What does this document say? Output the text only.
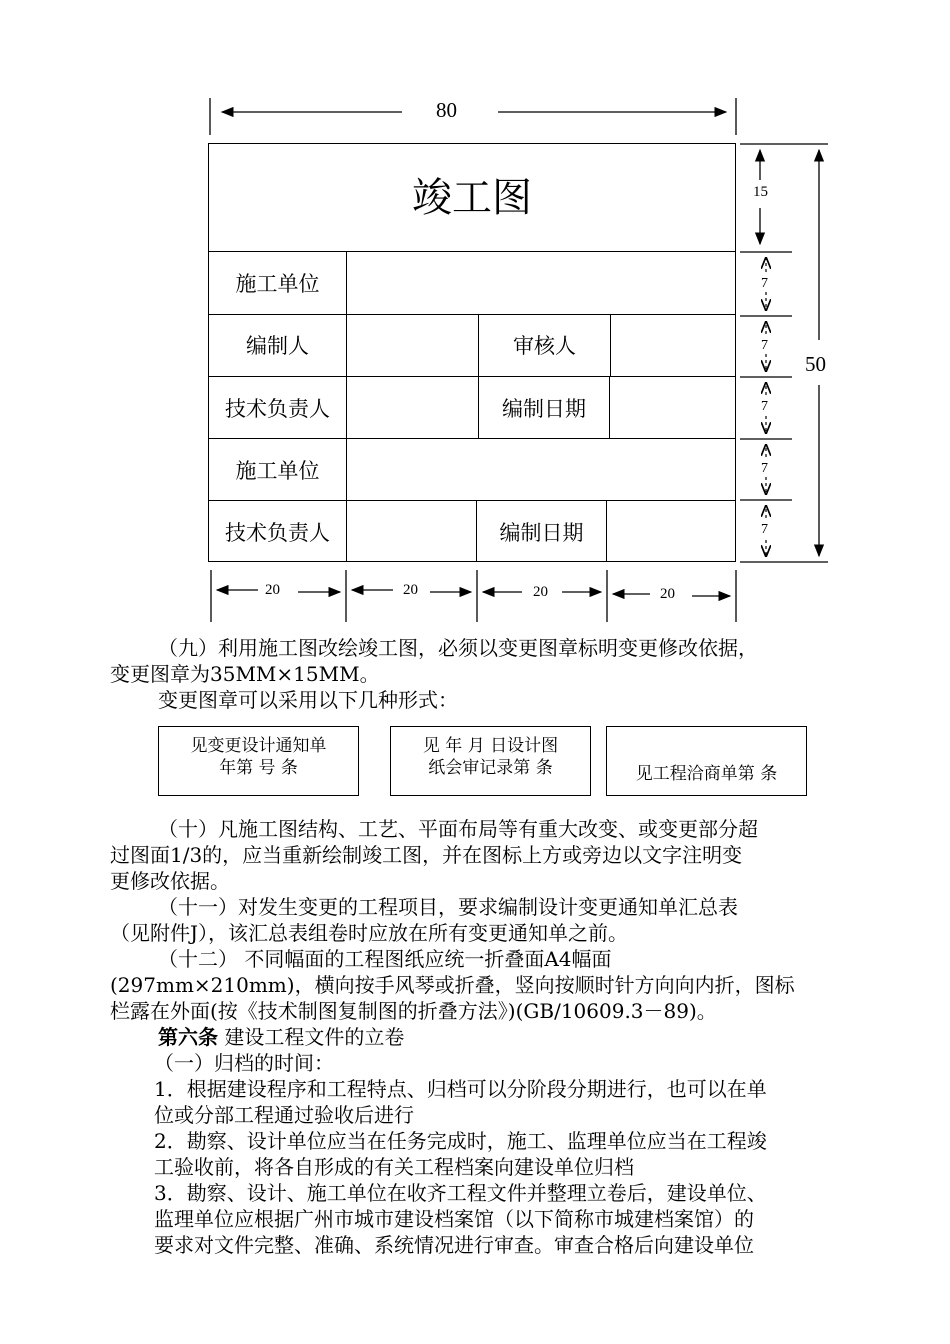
80
50
15
7
7
7
7
7
20	20	20	20
竣工图
施工单位
编制人	审核人
技术负责人	编制日期
施工单位
技术负责人	编制日期
（九）利用施工图改绘竣工图，必须以变更图章标明变更修改依据，
变更图章为35MM×15MM。
变更图章可以采用以下几种形式：
见变更设计通知单
年第 号 条
见 年 月 日设计图
纸会审记录第 条	见工程洽商单第 条
（十）凡施工图结构、工艺、平面布局等有重大改变、或变更部分超
过图面1/3的，应当重新绘制竣工图，并在图标上方或旁边以文字注明变
更修改依据。
（十一）对发生变更的工程项目，要求编制设计变更通知单汇总表
（见附件J），该汇总表组卷时应放在所有变更通知单之前。
（十二） 不同幅面的工程图纸应统一折叠面A4幅面
(297mm×210mm)，横向按手风琴或折叠，竖向按顺时针方向向内折，图标
栏露在外面(按《技术制图复制图的折叠方法》)(GB/10609.3－89)。
第六条 建设工程文件的立卷
（一）归档的时间：
1．根据建设程序和工程特点、归档可以分阶段分期进行，也可以在单
位或分部工程通过验收后进行
2．勘察、设计单位应当在任务完成时，施工、监理单位应当在工程竣
工验收前，将各自形成的有关工程档案向建设单位归档
3．勘察、设计、施工单位在收齐工程文件并整理立卷后，建设单位、
监理单位应根据广州市城市建设档案馆（以下简称市城建档案馆）的
要求对文件完整、准确、系统情况进行审查。审查合格后向建设单位
